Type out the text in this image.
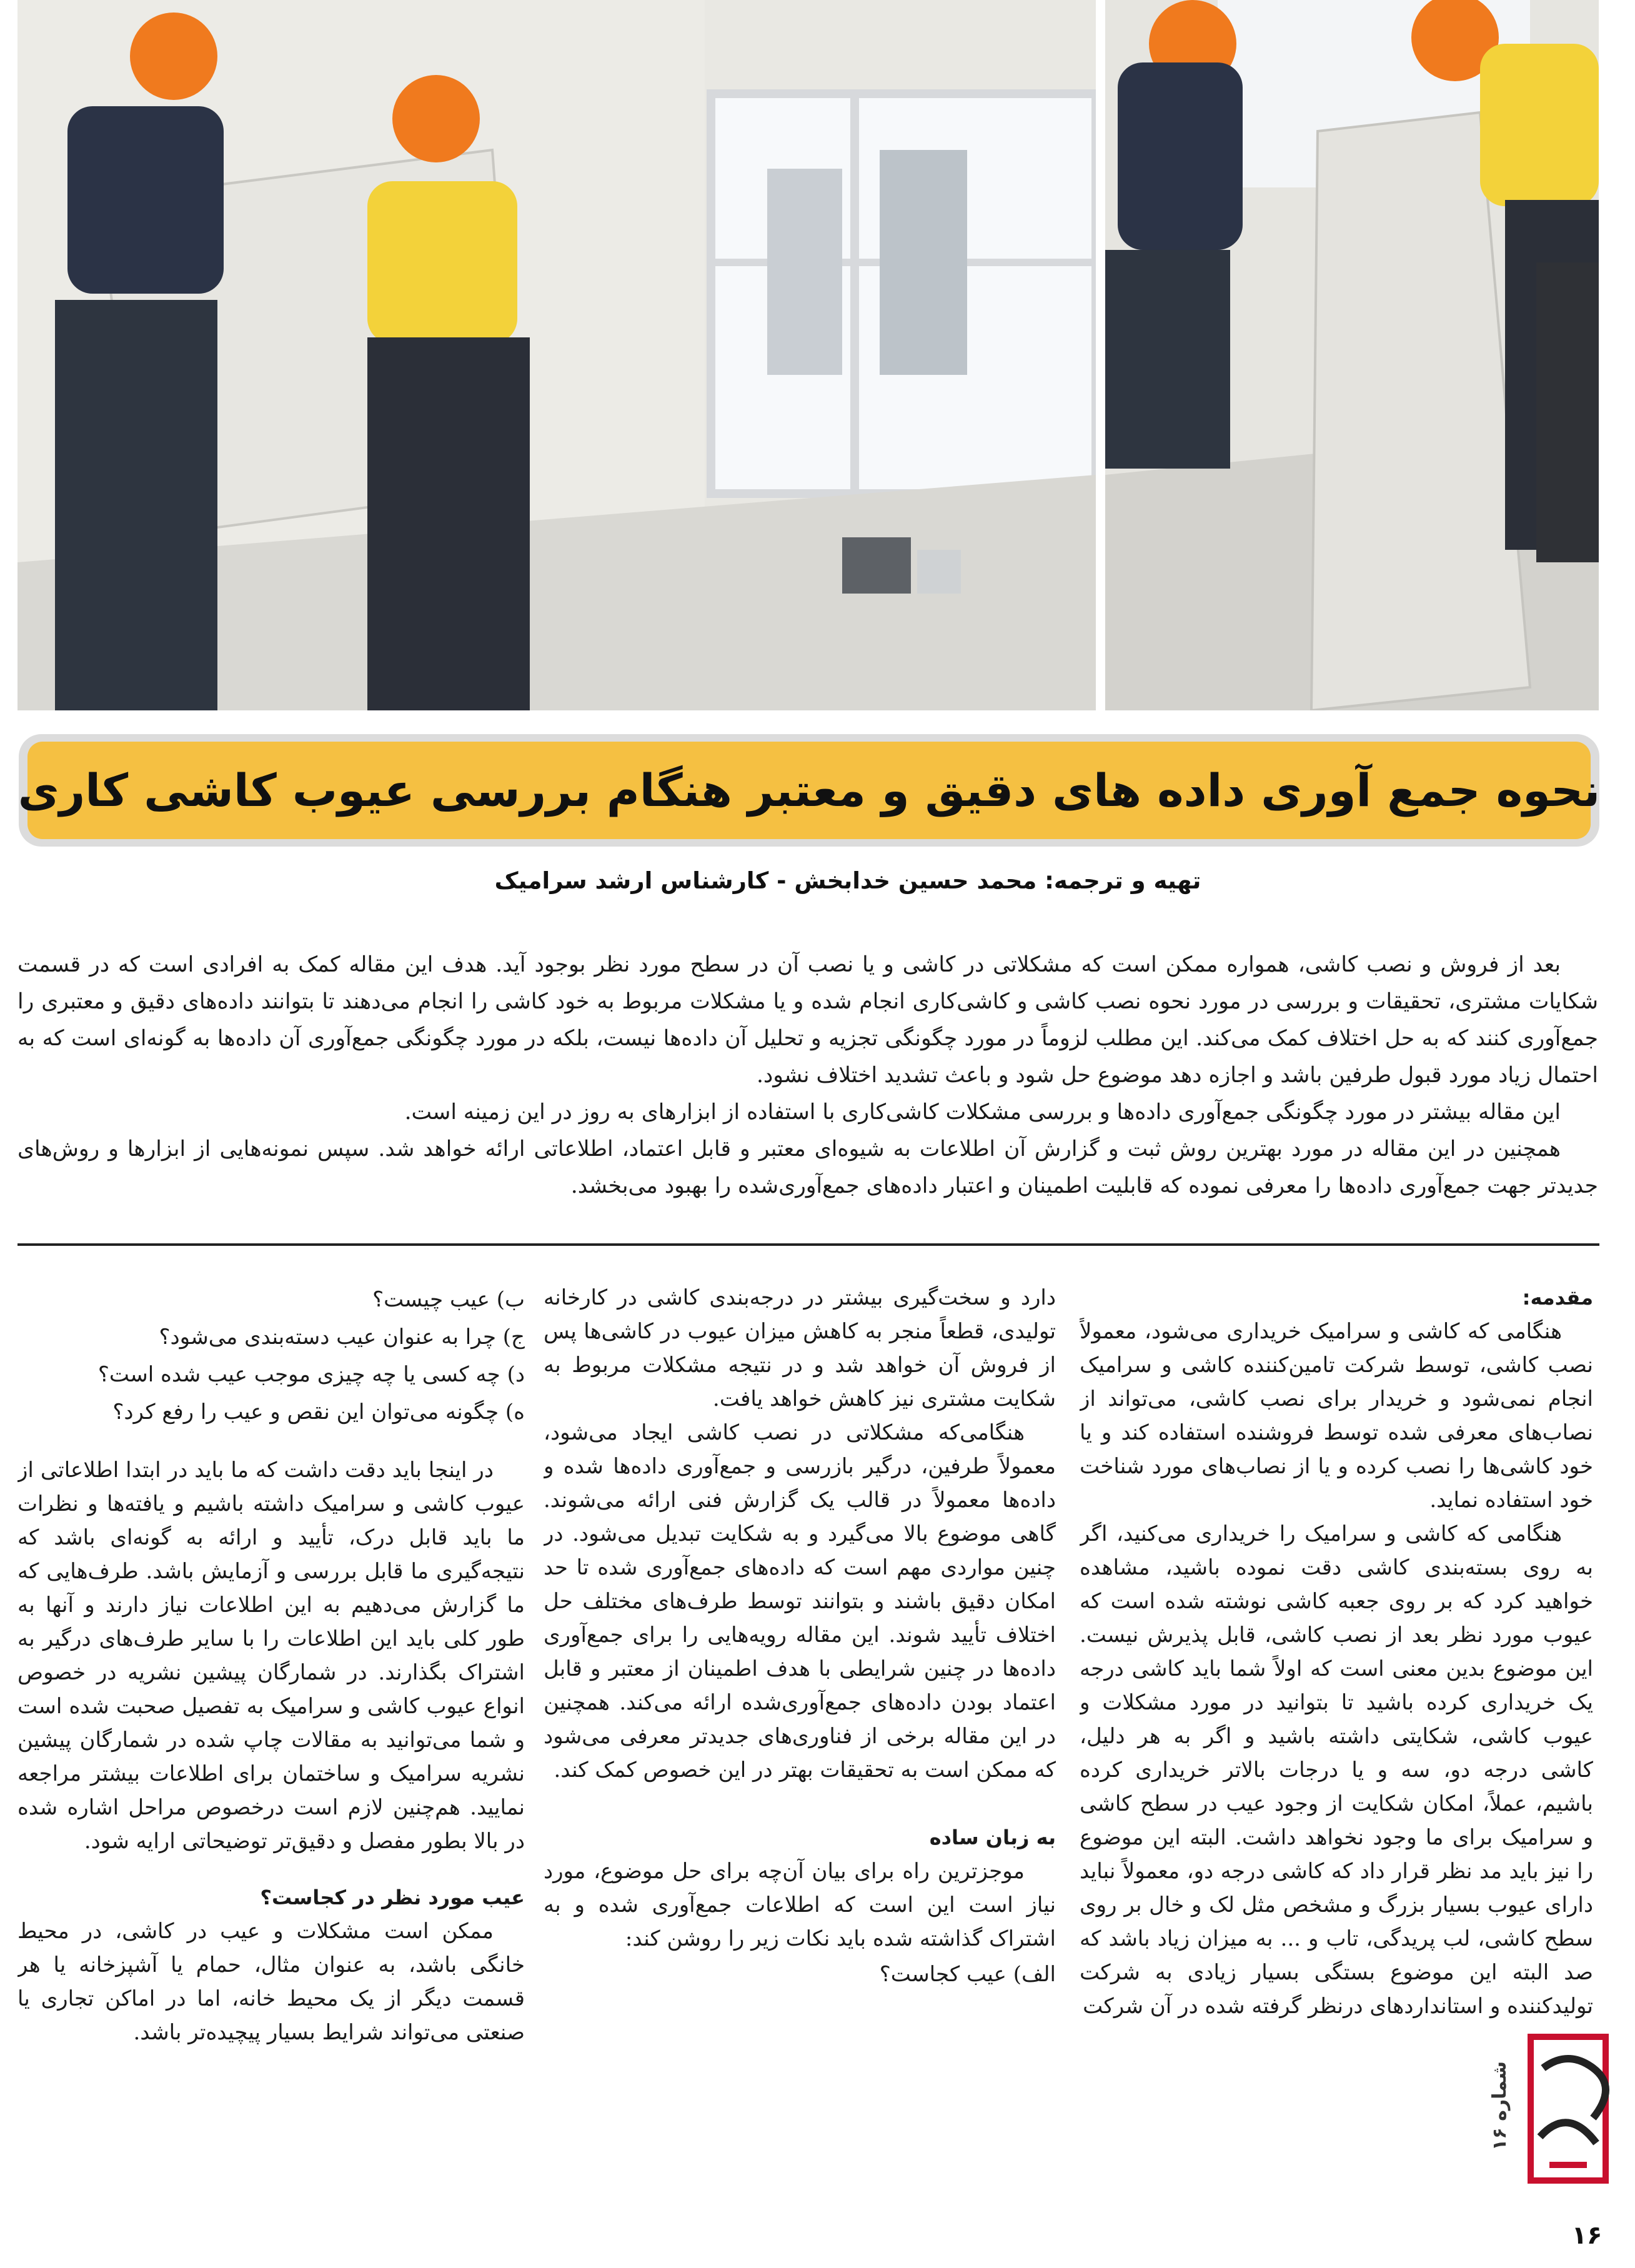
نحوه جمع آوری داده های دقیق و معتبر هنگام بررسی عیوب کاشی کاری
تهیه و ترجمه: محمد حسین خدابخش - کارشناس ارشد سرامیک

بعد از فروش و نصب کاشی، همواره ممکن است که مشکلاتی در کاشی و یا نصب آن در سطح مورد نظر بوجود آید. هدف این مقاله کمک به افرادی است که در قسمت شکایات مشتری، تحقیقات و بررسی در مورد نحوه نصب کاشی و کاشی‌کاری انجام شده و یا مشکلات مربوط به خود کاشی را انجام می‌دهند تا بتوانند داده‌های دقیق و معتبری را جمع‌آوری کنند که به حل اختلاف کمک می‌کند. این مطلب لزوماً در مورد چگونگی تجزیه و تحلیل آن داده‌ها نیست، بلکه در مورد چگونگی جمع‌آوری آن داده‌ها به گونه‌ای است که به احتمال زیاد مورد قبول طرفین باشد و اجازه دهد موضوع حل شود و باعث تشدید اختلاف نشود.

این مقاله بیشتر در مورد چگونگی جمع‌آوری داده‌ها و بررسی مشکلات کاشی‌کاری با استفاده از ابزارهای به روز در این زمینه است.

همچنین در این مقاله در مورد بهترین روش ثبت و گزارش آن اطلاعات به شیوه‌ای معتبر و قابل اعتماد، اطلاعاتی ارائه خواهد شد. سپس نمونه‌هایی از ابزارها و روش‌های جدیدتر جهت جمع‌آوری داده‌ها را معرفی نموده که قابلیت اطمینان و اعتبار داده‌های جمع‌آوری‌شده را بهبود می‌بخشد.

مقدمه:

هنگامی که کاشی و سرامیک خریداری می‌شود، معمولاً نصب کاشی، توسط شرکت تامین‌کننده کاشی و سرامیک انجام نمی‌شود و خریدار برای نصب کاشی، می‌تواند از نصاب‌های معرفی شده توسط فروشنده استفاده کند و یا خود کاشی‌ها را نصب کرده و یا از نصاب‌های مورد شناخت خود استفاده نماید.

هنگامی که کاشی و سرامیک را خریداری می‌کنید، اگر به روی بسته‌بندی کاشی دقت نموده باشید، مشاهده خواهید کرد که بر روی جعبه کاشی نوشته شده است که عیوب مورد نظر بعد از نصب کاشی، قابل پذیرش نیست. این موضوع بدین معنی است که اولاً شما باید کاشی درجه یک خریداری کرده باشید تا بتوانید در مورد مشکلات و عیوب کاشی، شکایتی داشته باشید و اگر به هر دلیل، کاشی درجه دو، سه و یا درجات بالاتر خریداری کرده باشیم، عملاً، امکان شکایت از وجود عیب در سطح کاشی و سرامیک برای ما وجود نخواهد داشت. البته این موضوع را نیز باید مد نظر قرار داد که کاشی درجه دو، معمولاً نباید دارای عیوب بسیار بزرگ و مشخص مثل لک و خال بر روی سطح کاشی، لب پریدگی، تاب و ... به میزان زیاد باشد که صد البته این موضوع بستگی بسیار زیادی به شرکت تولیدکننده و استانداردهای درنظر گرفته شده در آن شرکت

دارد و سخت‌گیری بیشتر در درجه‌بندی کاشی در کارخانه تولیدی، قطعاً منجر به کاهش میزان عیوب در کاشی‌ها پس از فروش آن خواهد شد و در نتیجه مشکلات مربوط به شکایت مشتری نیز کاهش خواهد یافت.

هنگامی‌که مشکلاتی در نصب کاشی ایجاد می‌شود، معمولاً طرفین، درگیر بازرسی و جمع‌آوری داده‌ها شده و داده‌ها معمولاً در قالب یک گزارش فنی ارائه می‌شوند. گاهی موضوع بالا می‌گیرد و به شکایت تبدیل می‌شود. در چنین مواردی مهم است که داده‌های جمع‌آوری شده تا حد امکان دقیق باشند و بتوانند توسط طرف‌های مختلف حل اختلاف تأیید شوند. این مقاله رویه‌هایی را برای جمع‌آوری داده‌ها در چنین شرایطی با هدف اطمینان از معتبر و قابل اعتماد بودن داده‌های جمع‌آوری‌شده ارائه می‌کند. همچنین در این مقاله برخی از فناوری‌های جدیدتر معرفی می‌شود که ممکن است به تحقیقات بهتر در این خصوص کمک کند.

به زبان ساده

موجزترین راه برای بیان آن‌چه برای حل موضوع، مورد نیاز است این است که اطلاعات جمع‌آوری شده و به اشتراک گذاشته شده باید نکات زیر را روشن کند:

الف) عیب کجاست؟

ب) عیب چیست؟

ج) چرا به عنوان عیب دسته‌بندی می‌شود؟

د) چه کسی یا چه چیزی موجب عیب شده است؟

ه) چگونه می‌توان این نقص و عیب را رفع کرد؟

در اینجا باید دقت داشت که ما باید در ابتدا اطلاعاتی از عیوب کاشی و سرامیک داشته باشیم و یافته‌ها و نظرات ما باید قابل درک، تأیید و ارائه به گونه‌ای باشد که نتیجه‌گیری ما قابل بررسی و آزمایش باشد. طرف‌هایی که ما گزارش می‌دهیم به این اطلاعات نیاز دارند و آنها به طور کلی باید این اطلاعات را با سایر طرف‌های درگیر به اشتراک بگذارند. در شمارگان پیشین نشریه در خصوص انواع عیوب کاشی و سرامیک به تفصیل صحبت شده است و شما می‌توانید به مقالات چاپ شده در شمارگان پیشین نشریه سرامیک و ساختمان برای اطلاعات بیشتر مراجعه نمایید. هم‌چنین لازم است درخصوص مراحل اشاره شده در بالا بطور مفصل و دقیق‌تر توضیحاتی ارایه شود.

عیب مورد نظر در کجاست؟

ممکن است مشکلات و عیب در کاشی، در محیط خانگی باشد، به عنوان مثال، حمام یا آشپزخانه یا هر قسمت دیگر از یک محیط خانه، اما در اماکن تجاری یا صنعتی می‌تواند شرایط بسیار پیچیده‌تر باشد.

شماره ۱۶
۱۶
